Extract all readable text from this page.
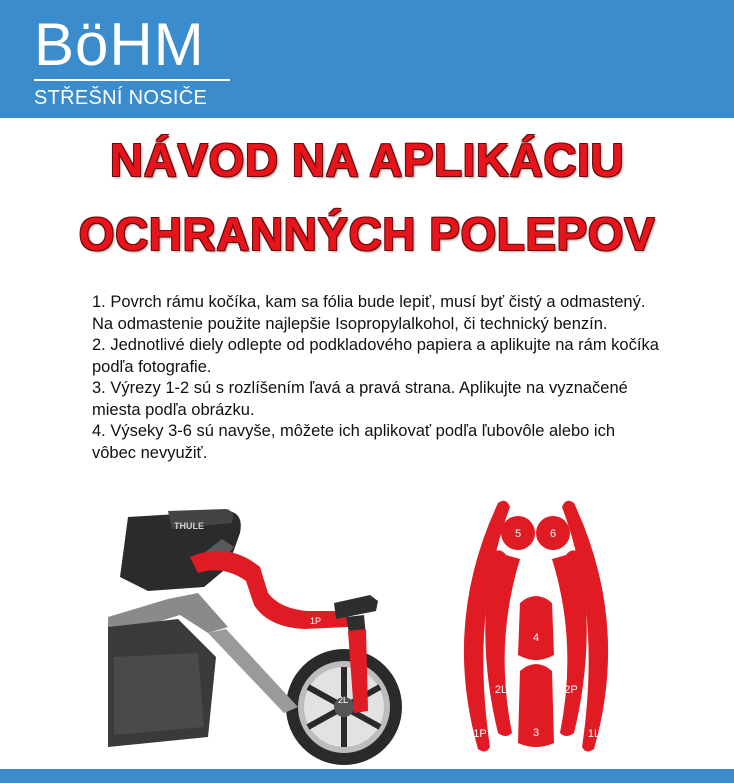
BöHM
STŘEŠNÍ NOSIČE
NÁVOD NA APLIKÁCIU
OCHRANNÝCH POLEPOV

1. Povrch rámu kočíka, kam sa fólia bude lepiť, musí byť čistý a odmastený.

Na odmastenie použite najlepšie Isopropylalkohol, či technický benzín.

2. Jednotlivé diely odlepte od podkladového papiera a aplikujte na rám kočíka

podľa fotografie.

3. Výrezy 1-2 sú s rozlíšením ľavá a pravá strana. Aplikujte na vyznačené

miesta podľa obrázku.

4. Výseky 3-6 sú navyše, môžete ich aplikovať podľa ľubovôle alebo ich

vôbec nevyužiť.

THULE
1P
2L
5	6
4
3
2L	2P
1P	1L
